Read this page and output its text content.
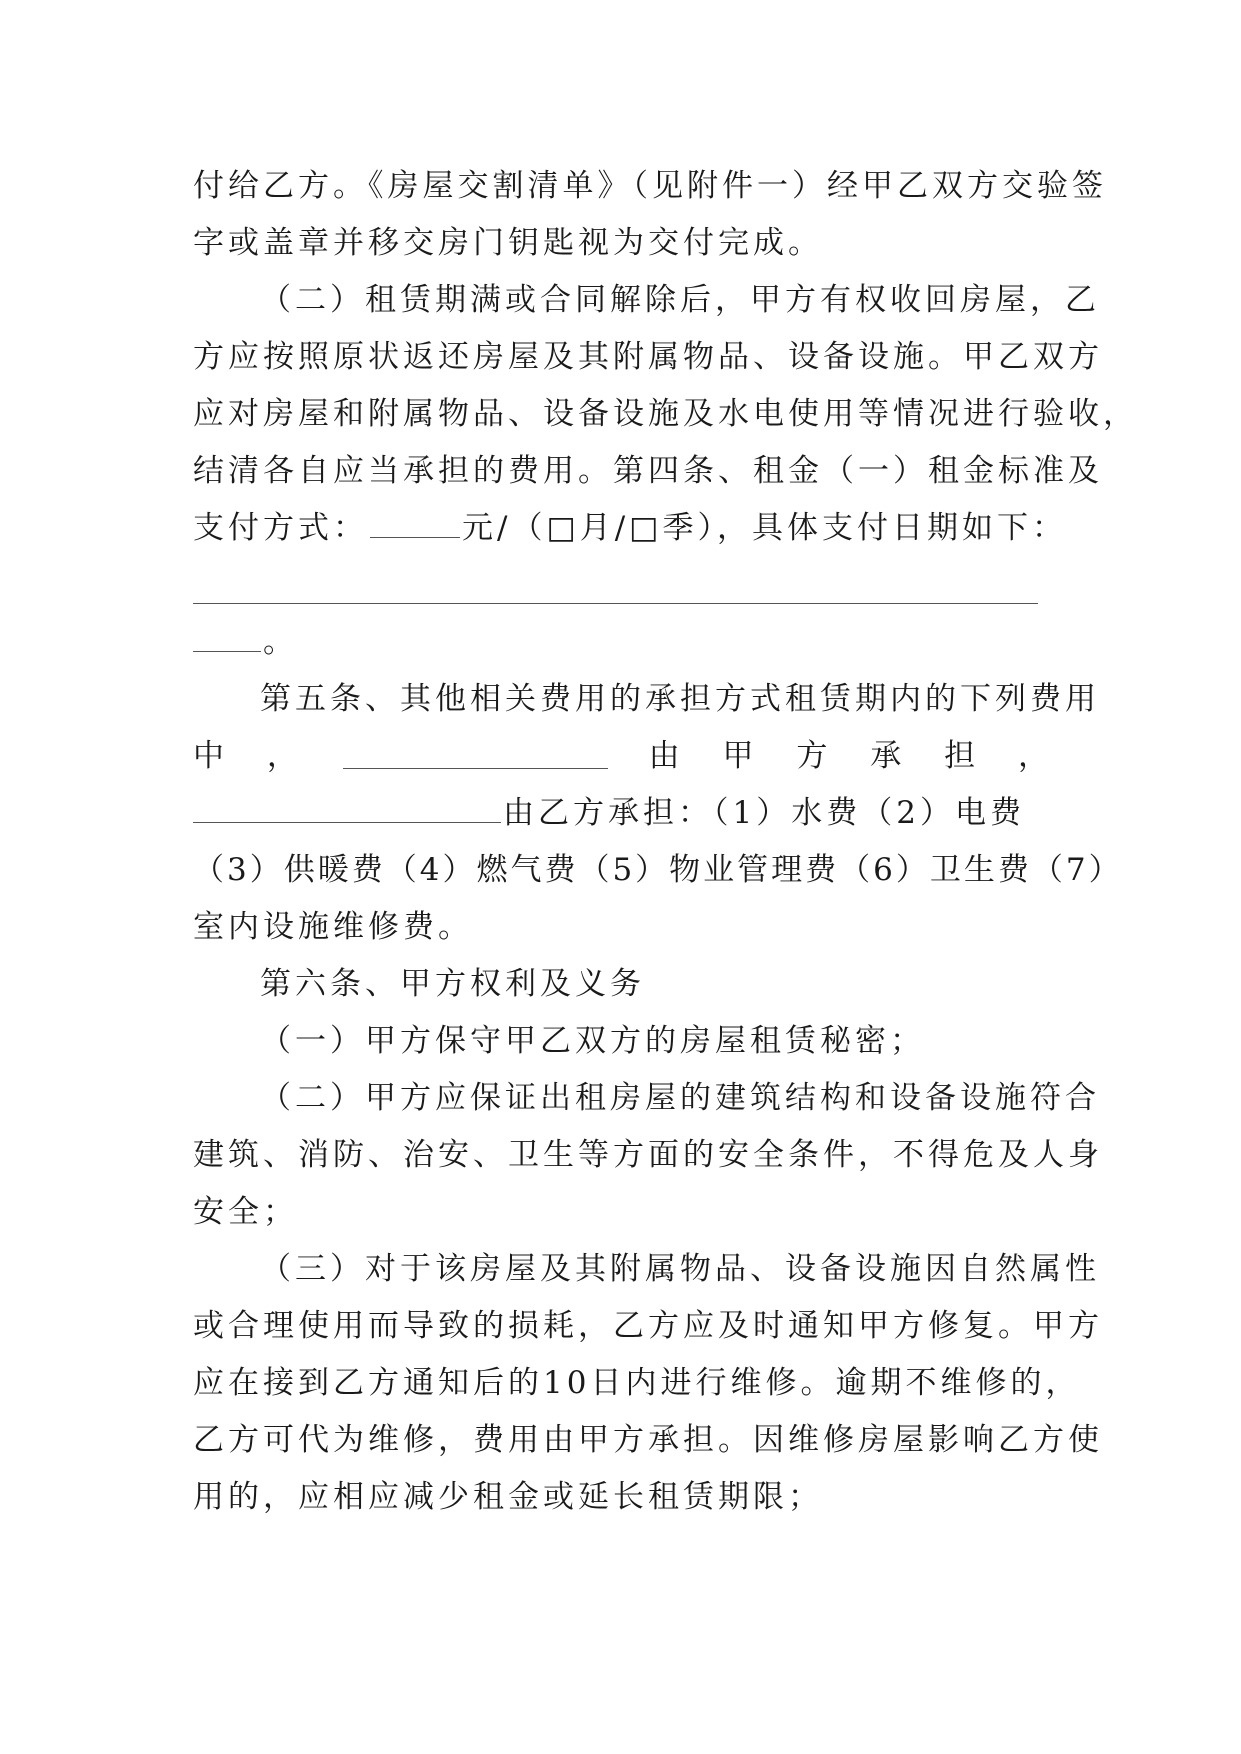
付给乙方。《房屋交割清单》（见附件一）经甲乙双方交验签
字或盖章并移交房门钥匙视为交付完成。
（二）租赁期满或合同解除后，甲方有权收回房屋，乙
方应按照原状返还房屋及其附属物品、设备设施。甲乙双方
应对房屋和附属物品、设备设施及水电使用等情况进行验收，
结清各自应当承担的费用。第四条、租金（一）租金标准及
支付方式：	元/（□月/□季），具体支付日期如下：
。
第五条、其他相关费用的承担方式租赁期内的下列费用
中 ，	由 甲 方 承 担 ，
由乙方承担：（1）水费（2）电费
（3）供暖费（4）燃气费（5）物业管理费（6）卫生费（7）
室内设施维修费。
第六条、甲方权利及义务
（一）甲方保守甲乙双方的房屋租赁秘密；
（二）甲方应保证出租房屋的建筑结构和设备设施符合
建筑、消防、治安、卫生等方面的安全条件，不得危及人身
安全；
（三）对于该房屋及其附属物品、设备设施因自然属性
或合理使用而导致的损耗，乙方应及时通知甲方修复。甲方
应在接到乙方通知后的10日内进行维修。逾期不维修的，
乙方可代为维修，费用由甲方承担。因维修房屋影响乙方使
用的，应相应减少租金或延长租赁期限；
